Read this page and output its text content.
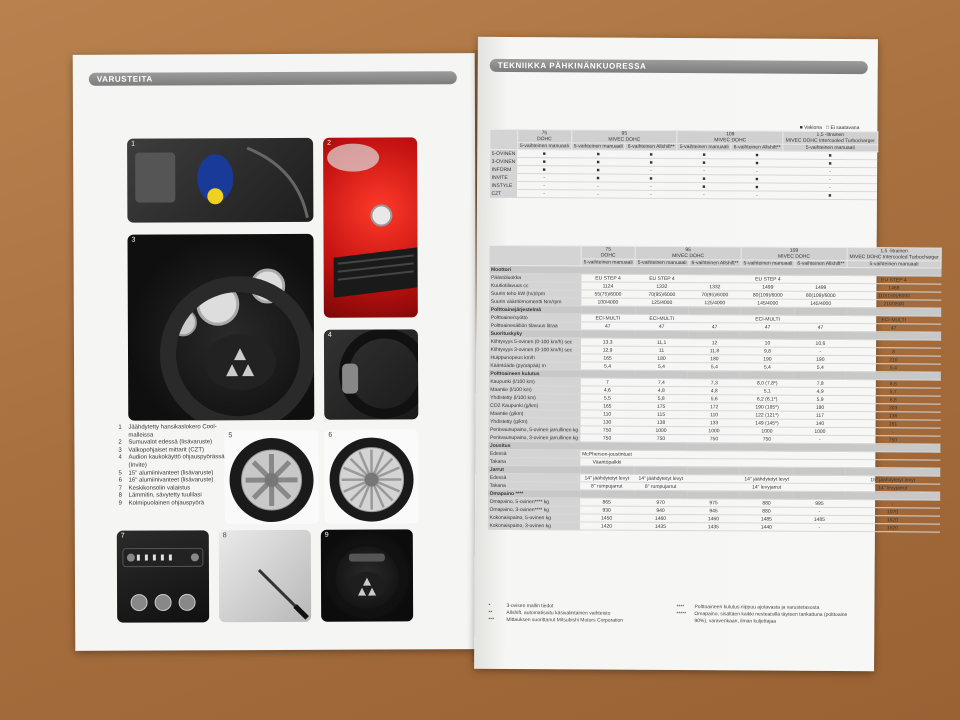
VARUSTEITA
1	2
3
4
1	Jäähdytetty hansikaslokero Cool-malleissa
2	Sumuvalot edessä (lisävaruste)
3	Valkopohjaiset mittarit (CZT)
4	Audion kaukokäyttö ohjauspyörässä (Invite)
5	15" alumiinivanteet (lisävaruste)
6	16" alumiinivanteet (lisävaruste)
7	Keskikonsolin valaistus
8	Lämmitin, sävytetty tuulilasi
9	Kolmipuolainen ohjauspyörä
5	6
7	8	9
TEKNIIKKA PÄHKINÄNKUORESSA
■ Vakiona □ Ei saatavana
	75
DOHC	95
MIVEC DOHC		109
MIVEC DOHC		1,5 -litrainen
MIVEC DOHC Intercooled Turbocharger
	5-vaihteinen manuaali	5-vaihteinen manuaali	6-vaihteinen Allshift**	5-vaihteinen manuaali	6-vaihteinen Allshift**	5-vaihteinen manuaali
5-OVINEN	■	■	■	■	■	■
3-OVINEN	■	■	■	■	■	■
INFORM	■	■	-	-	-	-
INVITE	-	■	■	■	■	-
INSTYLE	-	-	-	■	■	-
CZT	-	-	-	-	-	■
	75
DOHC	95
MIVEC DOHC		109
MIVEC DOHC		1,5 -litrainen
MIVEC DOHC Intercooled Turbocharger
	5-vaihteinen manuaali	5-vaihteinen manuaali	6-vaihteinen Allshift**	5-vaihteinen manuaali	6-vaihteinen Allshift**	5-vaihteinen manuaali
Moottori						
Päästöluokka	EU STEP 4	EU STEP 4		EU STEP 4		EU STEP 4
Kuutiotilavuus cc	1124	1332	1332	1499	1499	1468
Suurin teho kW (hv)/rpm	55(75)/6000	70(95)/6000	70(95)/6000	80(109)/6000	80(109)/6000	110(150)/6000
Suurin vääntömomentti Nm/rpm	100/4000	125/4000	125/4000	145/4000	145/4000	210/3500
Polttoainejärjestelmä						
Polttoaine/syöttö	ECI-MULTI	ECI-MULTI		ECI-MULTI		ECI-MULTI
Polttoainesäiliön tilavuus litraa	47	47	47	47	47	47
Suorituskyky						
Kiihtyvyys 5-ovinen (0-100 km/h) sec	13,3	11,1	12	10	10,6	-
Kiihtyvyys 3-ovinen (0-100 km/h) sec	12,9	11	11,8	9,8	-	8
Huippunopeus km/h	165	180	180	190	190	210
Kääntöäde (pyöräpää) m	5,4	5,4	5,4	5,4	5,4	5,4
Polttoaineen kulutus						
Kaupunki (l/100 km)	7	7,4	7,3	8,0 (7,8*)	7,8	8,6
Maantie (l/100 km)	4,6	4,8	4,8	5,1	4,9	5,7
Yhdistetty (l/100 km)	5,5	5,8	5,6	6,2 (6,1*)	5,9	6,8
CO2 Kaupunki (g/km)	165	175	172	190 (185*)	180	203
Maantie (g/km)	110	115	110	122 (121*)	117	136
Yhdistetty (g/km)	130	138	133	149 (145*)	140	161
Perävaunupaino, 5-ovinen jarrullinen kg	750	1000	1000	1000	1000	-
Perävaunupaino, 3-ovinen jarrullinen kg	750	750	750	750	-	750
Jousitus						
Edessä	McPherson-joustintuet					
Takana	Väantöpalkki					
Jarrut						
Edessä	14" jäähdytetyt levyt	14" jäähdytetyt levyt		14" jäähdytetyt levyt		15" jäähdytetyt levyt
Takana	8" rumpujarrut	8" rumpujarrut		14" levyjarrut		14" levyjarrut
Omapaino ****						
Omapaino, 5-ovinen**** kg	865	970	975	880	995	-
Omapaino, 3-ovinen**** kg	930	940	945	880	-	1070
Kokonaispaino, 5-ovinen kg	1450	1460	1460	1485	1485	1520
Kokonaispaino, 3-ovinen kg	1420	1435	1435	1440	-	1520
*	3-ovisen mallin tiedot
**	Allshift, automatisoitu käsivalintainen vaihteisto
***	Mittauksen suorittanut Mitsubishi Motors Corporation
****	Polttoaineen kulutus riippuu ajotavasta ja varustetasosta
*****	Omapaino, sisältäen kaikki nesteaisillä täyteen tankattuna (polttoaine 90%), varavenkaan, ilman kuljettajaa
